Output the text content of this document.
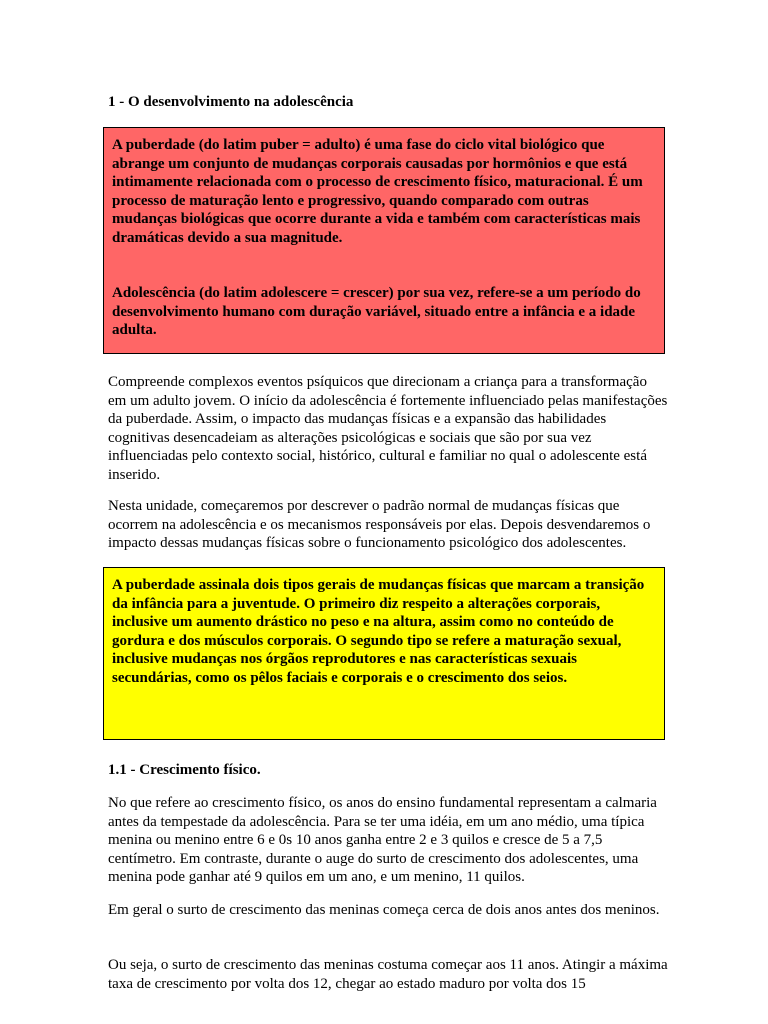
1 - O desenvolvimento na adolescência

A puberdade (do latim puber = adulto) é uma fase do ciclo vital biológico que abrange um conjunto de mudanças corporais causadas por hormônios e que está intimamente relacionada com o processo de crescimento físico, maturacional. É um processo de maturação lento e progressivo, quando comparado com outras mudanças biológicas que ocorre durante a vida e também com características mais dramáticas devido a sua magnitude.

Adolescência (do latim adolescere = crescer) por sua vez, refere-se a um período do desenvolvimento humano com duração variável, situado entre a infância e a idade adulta.

Compreende complexos eventos psíquicos que direcionam a criança para a transformação em um adulto jovem. O início da adolescência é fortemente influenciado pelas manifestações da puberdade. Assim, o impacto das mudanças físicas e a expansão das habilidades cognitivas desencadeiam as alterações psicológicas e sociais que são por sua vez influenciadas pelo contexto social, histórico, cultural e familiar no qual o adolescente está inserido.

Nesta unidade, começaremos por descrever o padrão normal de mudanças físicas que ocorrem na adolescência e os mecanismos responsáveis por elas. Depois desvendaremos o impacto dessas mudanças físicas sobre o funcionamento psicológico dos adolescentes.

A puberdade assinala dois tipos gerais de mudanças físicas que marcam a transição da infância para a juventude. O primeiro diz respeito a alterações corporais, inclusive um aumento drástico no peso e na altura, assim como no conteúdo de gordura e dos músculos corporais. O segundo tipo se refere a maturação sexual, inclusive mudanças nos órgãos reprodutores e nas características sexuais secundárias, como os pêlos faciais e corporais e o crescimento dos seios.

1.1 - Crescimento físico.

No que refere ao crescimento físico, os anos do ensino fundamental representam a calmaria antes da tempestade da adolescência. Para se ter uma idéia, em um ano médio, uma típica menina ou menino entre 6 e 0s 10 anos ganha entre 2 e 3 quilos e cresce de 5 a 7,5 centímetro. Em contraste, durante o auge do surto de crescimento dos adolescentes, uma menina pode ganhar até 9 quilos em um ano, e um menino, 11 quilos.

Em geral o surto de crescimento das meninas começa cerca de dois anos antes dos meninos.

Ou seja, o surto de crescimento das meninas costuma começar aos 11 anos. Atingir a máxima taxa de crescimento por volta dos 12, chegar ao estado maduro por volta dos 15
